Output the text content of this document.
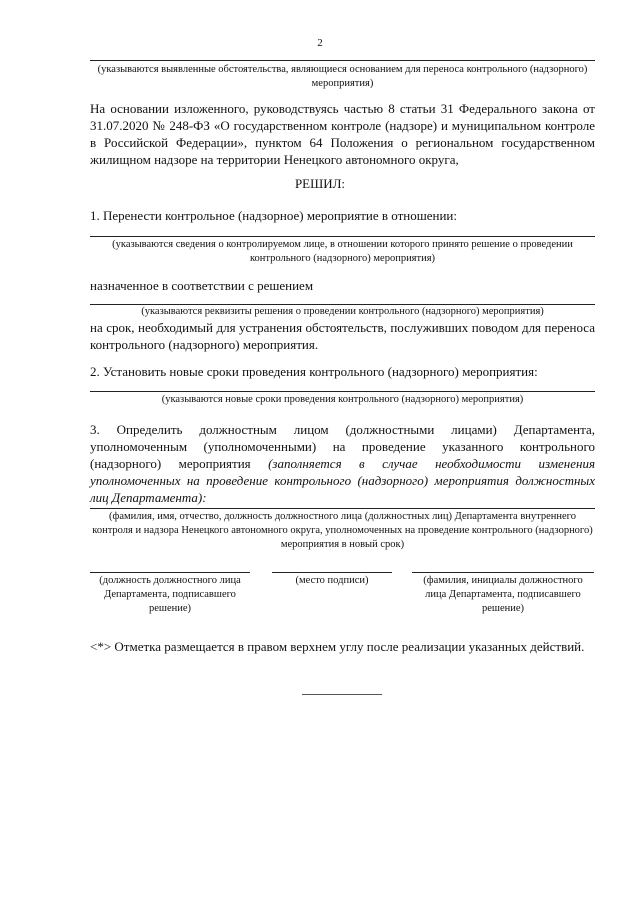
2
(указываются выявленные обстоятельства, являющиеся основанием для переноса контрольного (надзорного) мероприятия)
На основании изложенного, руководствуясь частью 8 статьи 31 Федерального закона от 31.07.2020 № 248-ФЗ «О государственном контроле (надзоре) и муниципальном контроле в Российской Федерации», пунктом 64 Положения о региональном государственном жилищном надзоре на территории Ненецкого автономного округа,
РЕШИЛ:
1. Перенести контрольное (надзорное) мероприятие в отношении:
(указываются сведения о контролируемом лице, в отношении которого принято решение о проведении контрольного (надзорного) мероприятия)
назначенное в соответствии с решением
(указываются реквизиты решения о проведении контрольного (надзорного) мероприятия)
на срок, необходимый для устранения обстоятельств, послуживших поводом для переноса контрольного (надзорного) мероприятия.
2. Установить новые сроки проведения контрольного (надзорного) мероприятия:
(указываются новые сроки проведения контрольного (надзорного) мероприятия)
3. Определить должностным лицом (должностными лицами) Департамента, уполномоченным (уполномоченными) на проведение указанного контрольного (надзорного) мероприятия (заполняется в случае необходимости изменения уполномоченных на проведение контрольного (надзорного) мероприятия должностных лиц Департамента):
(фамилия, имя, отчество, должность должностного лица (должностных лиц) Департамента внутреннего контроля и надзора Ненецкого автономного округа, уполномоченных на проведение контрольного (надзорного) мероприятия в новый срок)
(должность должностного лица Департамента, подписавшего решение)
(место подписи)	(фамилия, инициалы должностного лица Департамента, подписавшего решение)
<*> Отметка размещается в правом верхнем углу после реализации указанных действий.
